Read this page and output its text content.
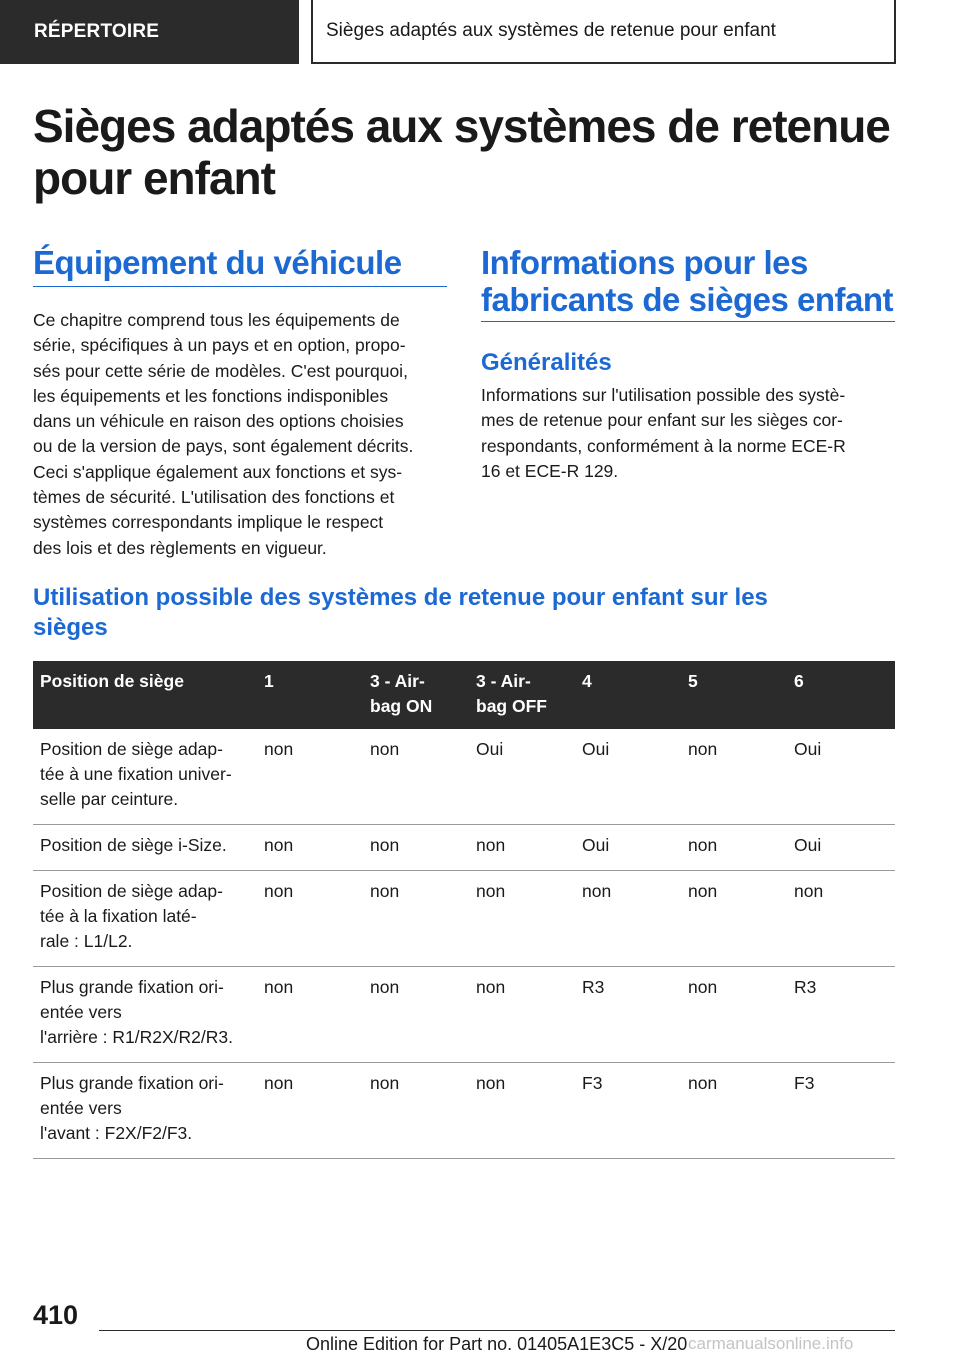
RÉPERTOIRE	Sièges adaptés aux systèmes de retenue pour enfant
Sièges adaptés aux systèmes de retenue
pour enfant
Équipement du véhicule

Ce chapitre comprend tous les équipements de
série, spécifiques à un pays et en option, propo-
sés pour cette série de modèles. C'est pourquoi,
les équipements et les fonctions indisponibles
dans un véhicule en raison des options choisies
ou de la version de pays, sont également décrits.
Ceci s'applique également aux fonctions et sys-
tèmes de sécurité. L'utilisation des fonctions et
systèmes correspondants implique le respect
des lois et des règlements en vigueur.

Informations pour les
fabricants de sièges enfant
Généralités

Informations sur l'utilisation possible des systè-
mes de retenue pour enfant sur les sièges cor-
respondants, conformément à la norme ECE-R
16 et ECE-R 129.

Utilisation possible des systèmes de retenue pour enfant sur les
sièges
Position de siège	1	3 - Air-
bag ON	3 - Air-
bag OFF	4	5	6
Position de siège adap-
tée à une fixation univer-
selle par ceinture.	non	non	Oui	Oui	non	Oui
Position de siège i-Size.	non	non	non	Oui	non	Oui
Position de siège adap-
tée à la fixation laté-
rale : L1/L2.	non	non	non	non	non	non
Plus grande fixation ori-
entée vers
l'arrière : R1/R2X/R2/R3.	non	non	non	R3	non	R3
Plus grande fixation ori-
entée vers
l'avant : F2X/F2/F3.	non	non	non	F3	non	F3
410
Online Edition for Part no. 01405A1E3C5 - X/20 carmanualsonline.info
